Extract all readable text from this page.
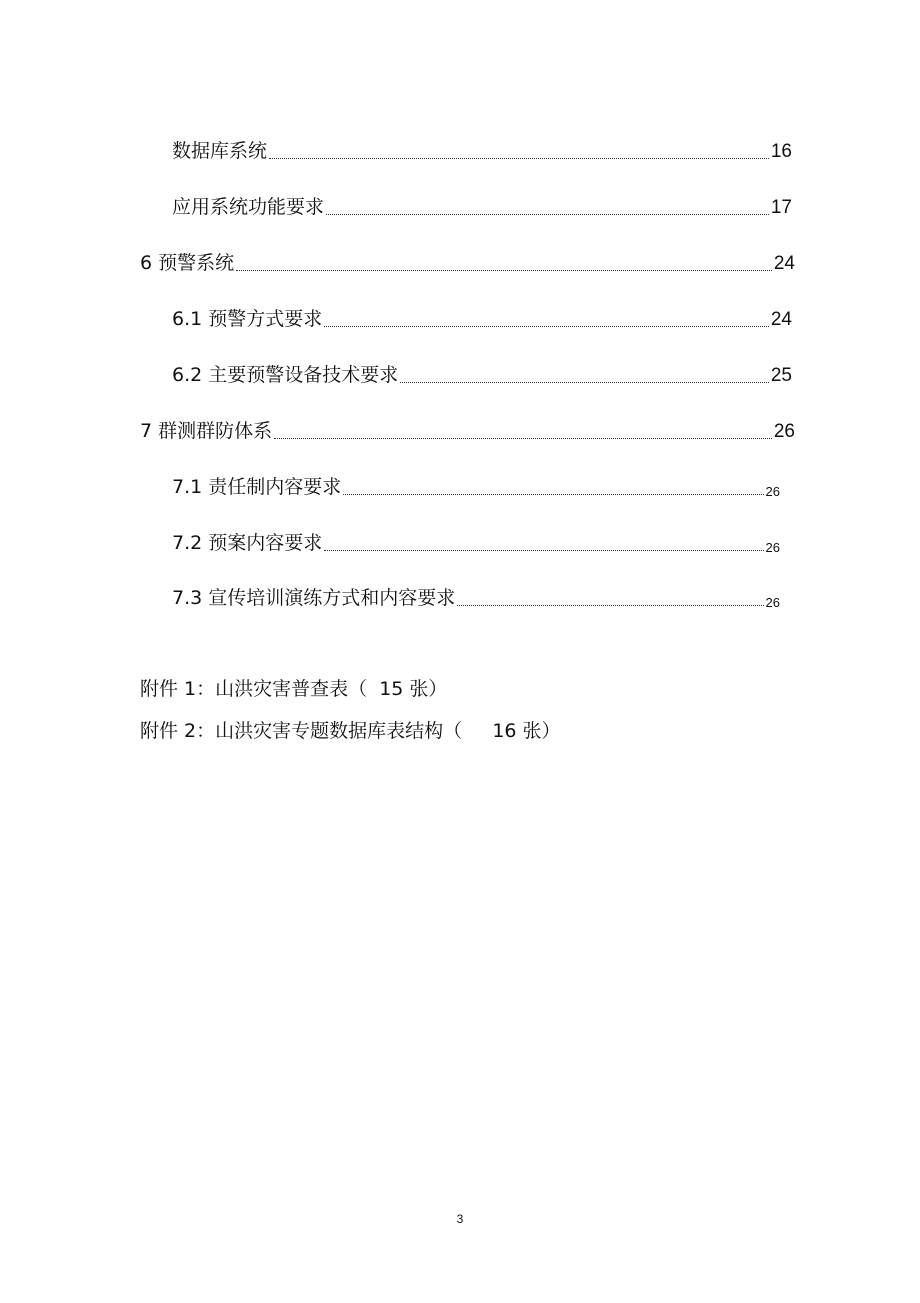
数据库系统	16
应用系统功能要求	17
6 预警系统	24
6.1 预警方式要求	24
6.2 主要预警设备技术要求	25
7 群测群防体系	26
7.1 责任制内容要求	26
7.2 预案内容要求	26
7.3 宣传培训演练方式和内容要求	26
附件 1：山洪灾害普查表（  15 张）
附件 2：山洪灾害专题数据库表结构（     16 张）
3
